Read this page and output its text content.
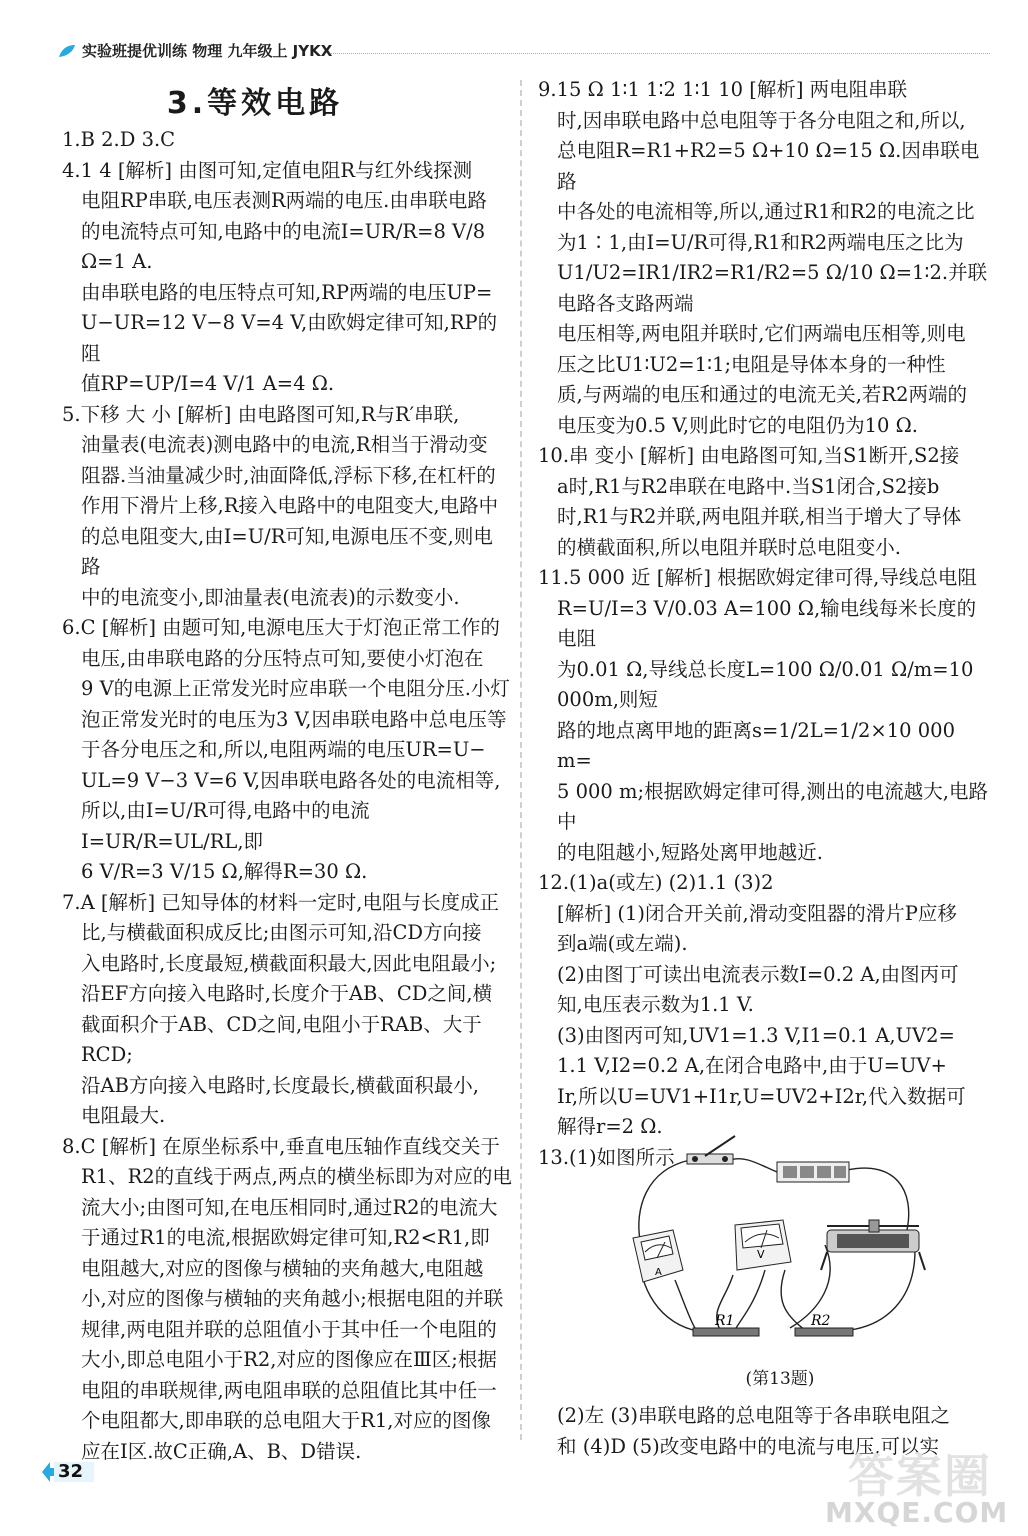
实验班提优训练 物理 九年级上 JYKX
3.等效电路

1.B 2.D 3.C

4.1 4 [解析] 由图可知,定值电阻R与红外线探测

电阻RP串联,电压表测R两端的电压.由串联电路

的电流特点可知,电路中的电流I=UR/R=8 V/8 Ω=1 A.

由串联电路的电压特点可知,RP两端的电压UP=

U−UR=12 V−8 V=4 V,由欧姆定律可知,RP的阻

值RP=UP/I=4 V/1 A=4 Ω.

5.下移 大 小 [解析] 由电路图可知,R与R′串联,

油量表(电流表)测电路中的电流,R相当于滑动变

阻器.当油量减少时,油面降低,浮标下移,在杠杆的

作用下滑片上移,R接入电路中的电阻变大,电路中

的总电阻变大,由I=U/R可知,电源电压不变,则电路

中的电流变小,即油量表(电流表)的示数变小.

6.C [解析] 由题可知,电源电压大于灯泡正常工作的

电压,由串联电路的分压特点可知,要使小灯泡在

9 V的电源上正常发光时应串联一个电阻分压.小灯

泡正常发光时的电压为3 V,因串联电路中总电压等

于各分电压之和,所以,电阻两端的电压UR=U−

UL=9 V−3 V=6 V,因串联电路各处的电流相等,

所以,由I=U/R可得,电路中的电流I=UR/R=UL/RL,即

6 V/R=3 V/15 Ω,解得R=30 Ω.

7.A [解析] 已知导体的材料一定时,电阻与长度成正

比,与横截面积成反比;由图示可知,沿CD方向接

入电路时,长度最短,横截面积最大,因此电阻最小;

沿EF方向接入电路时,长度介于AB、CD之间,横

截面积介于AB、CD之间,电阻小于RAB、大于RCD;

沿AB方向接入电路时,长度最长,横截面积最小,

电阻最大.

8.C [解析] 在原坐标系中,垂直电压轴作直线交关于

R1、R2的直线于两点,两点的横坐标即为对应的电

流大小;由图可知,在电压相同时,通过R2的电流大

于通过R1的电流,根据欧姆定律可知,R2<R1,即

电阻越大,对应的图像与横轴的夹角越大,电阻越

小,对应的图像与横轴的夹角越小;根据电阻的并联

规律,两电阻并联的总阻值小于其中任一个电阻的

大小,即总电阻小于R2,对应的图像应在Ⅲ区;根据

电阻的串联规律,两电阻串联的总阻值比其中任一

个电阻都大,即串联的总电阻大于R1,对应的图像

应在Ⅰ区.故C正确,A、B、D错误.

9.15 Ω 1∶1 1∶2 1∶1 10 [解析] 两电阻串联

时,因串联电路中总电阻等于各分电阻之和,所以,

总电阻R=R1+R2=5 Ω+10 Ω=15 Ω.因串联电路

中各处的电流相等,所以,通过R1和R2的电流之比

为1∶1,由I=U/R可得,R1和R2两端电压之比为

U1/U2=IR1/IR2=R1/R2=5 Ω/10 Ω=1∶2.并联电路各支路两端

电压相等,两电阻并联时,它们两端电压相等,则电

压之比U1∶U2=1∶1;电阻是导体本身的一种性

质,与两端的电压和通过的电流无关,若R2两端的

电压变为0.5 V,则此时它的电阻仍为10 Ω.

10.串 变小 [解析] 由电路图可知,当S1断开,S2接

a时,R1与R2串联在电路中.当S1闭合,S2接b

时,R1与R2并联,两电阻并联,相当于增大了导体

的横截面积,所以电阻并联时总电阻变小.

11.5 000 近 [解析] 根据欧姆定律可得,导线总电阻

R=U/I=3 V/0.03 A=100 Ω,输电线每米长度的电阻

为0.01 Ω,导线总长度L=100 Ω/0.01 Ω/m=10 000m,则短

路的地点离甲地的距离s=1/2L=1/2×10 000 m=

5 000 m;根据欧姆定律可得,测出的电流越大,电路中

的电阻越小,短路处离甲地越近.

12.(1)a(或左) (2)1.1 (3)2

[解析] (1)闭合开关前,滑动变阻器的滑片P应移

到a端(或左端).

(2)由图丁可读出电流表示数I=0.2 A,由图丙可

知,电压表示数为1.1 V.

(3)由图丙可知,UV1=1.3 V,I1=0.1 A,UV2=

1.1 V,I2=0.2 A,在闭合电路中,由于U=UV+

Ir,所以U=UV1+I1r,U=UV2+I2r,代入数据可

解得r=2 Ω.

13.(1)如图所示

A
V
R1	R2
(第13题)

(2)左 (3)串联电路的总电阻等于各串联电阻之

和 (4)D (5)改变电路中的电流与电压,可以实

32	答案圈
MXQE.COM
